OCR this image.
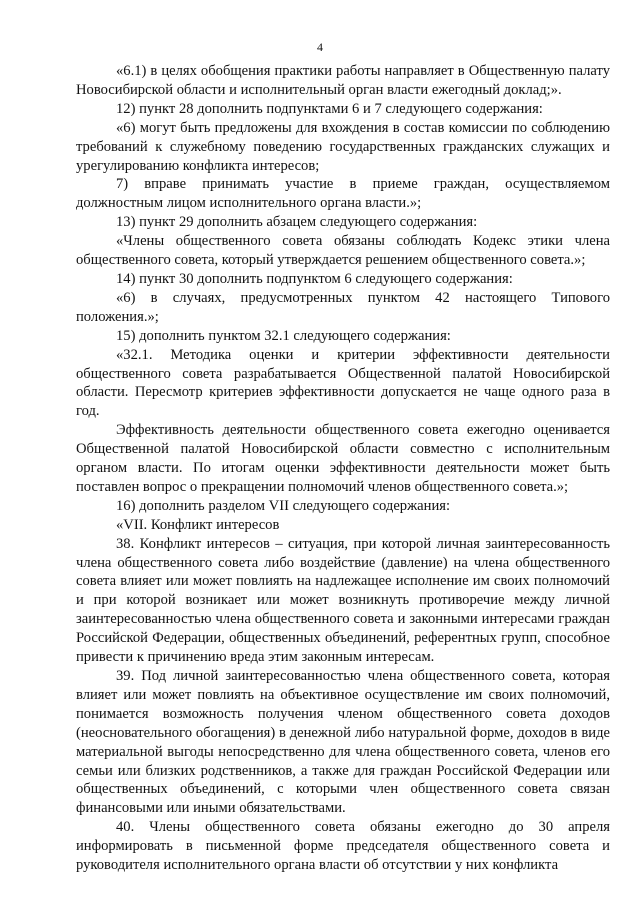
4

«6.1) в целях обобщения практики работы направляет в Общественную палату Новосибирской области и исполнительный орган власти ежегодный доклад;».

12) пункт 28 дополнить подпунктами 6 и 7 следующего содержания:

«6) могут быть предложены для вхождения в состав комиссии по соблюдению требований к служебному поведению государственных гражданских служащих и урегулированию конфликта интересов;

7) вправе принимать участие в приеме граждан, осуществляемом должностным лицом исполнительного органа власти.»;

13) пункт 29 дополнить абзацем следующего содержания:

«Члены общественного совета обязаны соблюдать Кодекс этики члена общественного совета, который утверждается решением общественного совета.»;

14) пункт 30 дополнить подпунктом 6 следующего содержания:

«6) в случаях, предусмотренных пунктом 42 настоящего Типового положения.»;

15) дополнить пунктом 32.1 следующего содержания:

«32.1. Методика оценки и критерии эффективности деятельности общественного совета разрабатывается Общественной палатой Новосибирской области. Пересмотр критериев эффективности допускается не чаще одного раза в год.

Эффективность деятельности общественного совета ежегодно оценивается Общественной палатой Новосибирской области совместно с исполнительным органом власти. По итогам оценки эффективности деятельности может быть поставлен вопрос о прекращении полномочий членов общественного совета.»;

16) дополнить разделом VII следующего содержания:

«VII. Конфликт интересов

38. Конфликт интересов – ситуация, при которой личная заинтересованность члена общественного совета либо воздействие (давление) на члена общественного совета влияет или может повлиять на надлежащее исполнение им своих полномочий и при которой возникает или может возникнуть противоречие между личной заинтересованностью члена общественного совета и законными интересами граждан Российской Федерации, общественных объединений, референтных групп, способное привести к причинению вреда этим законным интересам.

39. Под личной заинтересованностью члена общественного совета, которая влияет или может повлиять на объективное осуществление им своих полномочий, понимается возможность получения членом общественного совета доходов (неосновательного обогащения) в денежной либо натуральной форме, доходов в виде материальной выгоды непосредственно для члена общественного совета, членов его семьи или близких родственников, а также для граждан Российской Федерации или общественных объединений, с которыми член общественного совета связан финансовыми или иными обязательствами.

40. Члены общественного совета обязаны ежегодно до 30 апреля информировать в письменной форме председателя общественного совета и руководителя исполнительного органа власти об отсутствии у них конфликта
